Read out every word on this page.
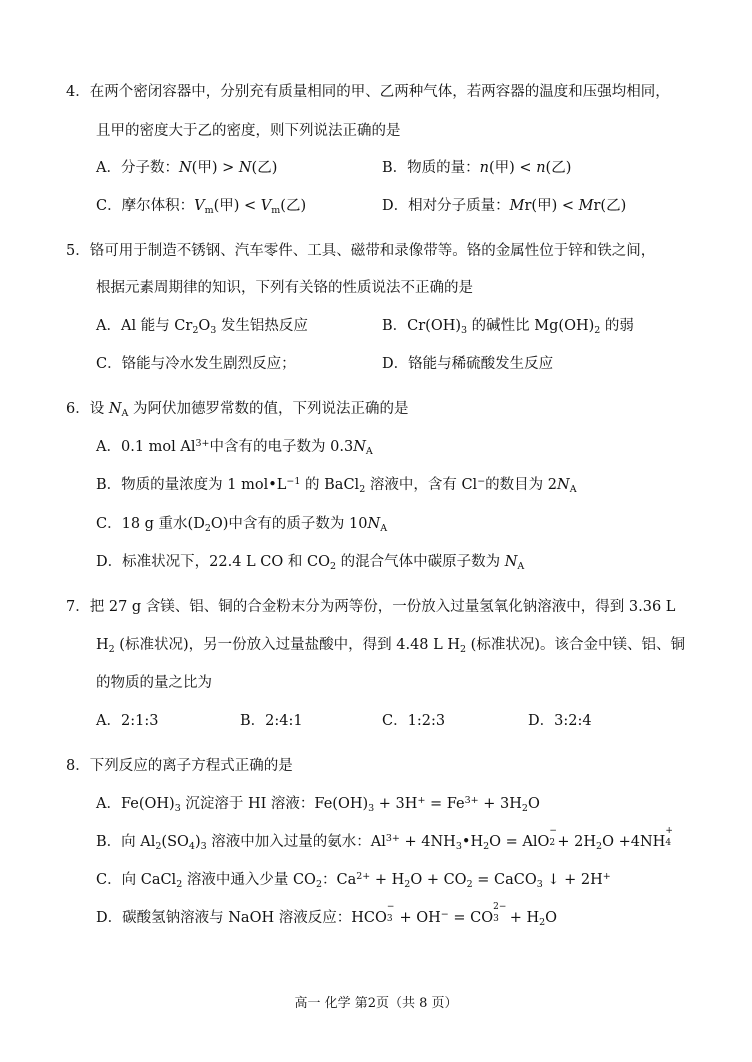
4．在两个密闭容器中，分别充有质量相同的甲、乙两种气体，若两容器的温度和压强均相同，
且甲的密度大于乙的密度，则下列说法正确的是
A．分子数：N(甲) > N(乙)	B．物质的量：n(甲) < n(乙)
C．摩尔体积：$V_m$(甲) < $V_m$(乙)	D．相对分子质量：Mr(甲) < Mr(乙)
5．铬可用于制造不锈钢、汽车零件、工具、磁带和录像带等。铬的金属性位于锌和铁之间，
根据元素周期律的知识，下列有关铬的性质说法不正确的是
A．Al 能与 $Cr_2O_3$ 发生铝热反应	B．$Cr(OH)_3$ 的碱性比 $Mg(OH)_2$ 的弱
C．铬能与冷水发生剧烈反应；	D．铬能与稀硫酸发生反应
6．设 $N_A$ 为阿伏加德罗常数的值，下列说法正确的是
A．0.1 mol $Al^{3+}$中含有的电子数为 $0.3N_A$
B．物质的量浓度为 1 $mol•L^{-1}$ 的 BaCl$_2$ 溶液中，含有 Cl−的数目为 $2N_A$
C．18 g 重水$(D_2O)$中含有的质子数为 $10N_A$
D．标准状况下，22.4 L CO 和 $CO_2$ 的混合气体中碳原子数为 $N_A$
7．把 27 g 含镁、铝、铜的合金粉末分为两等份，一份放入过量氢氧化钠溶液中，得到 3.36 L
$H_2$ (标准状况)，另一份放入过量盐酸中，得到 4.48 L $H_2$ (标准状况)。该合金中镁、铝、铜
的物质的量之比为
A．2:1:3	B．2:4:1	C．1:2:3	D．3:2:4
8．下列反应的离子方程式正确的是
A．$Fe(OH)_3$ 沉淀溶于 HI 溶液：$Fe(OH)_3 + 3H^+ = Fe^{3+} + 3H_2O$
B．向 $Al_2(SO_4)_3$ 溶液中加入过量的氨水：$Al^{3+}$ + $4NH_3•H_2O$ = AlO
−
$2 + 2H_2O +4NH$
+
4
C．向 CaCl$_2$ 溶液中通入少量 $CO_2$：$Ca^{2+} + H_2O + CO_2$ = CaCO$_3$ ↓ + 2H+
D．碳酸氢钠溶液与 NaOH 溶液反应：HCO
−
3 + OH− = CO
2−
$3 + H_2O$
高一 化学 第2页（共 8 页）
